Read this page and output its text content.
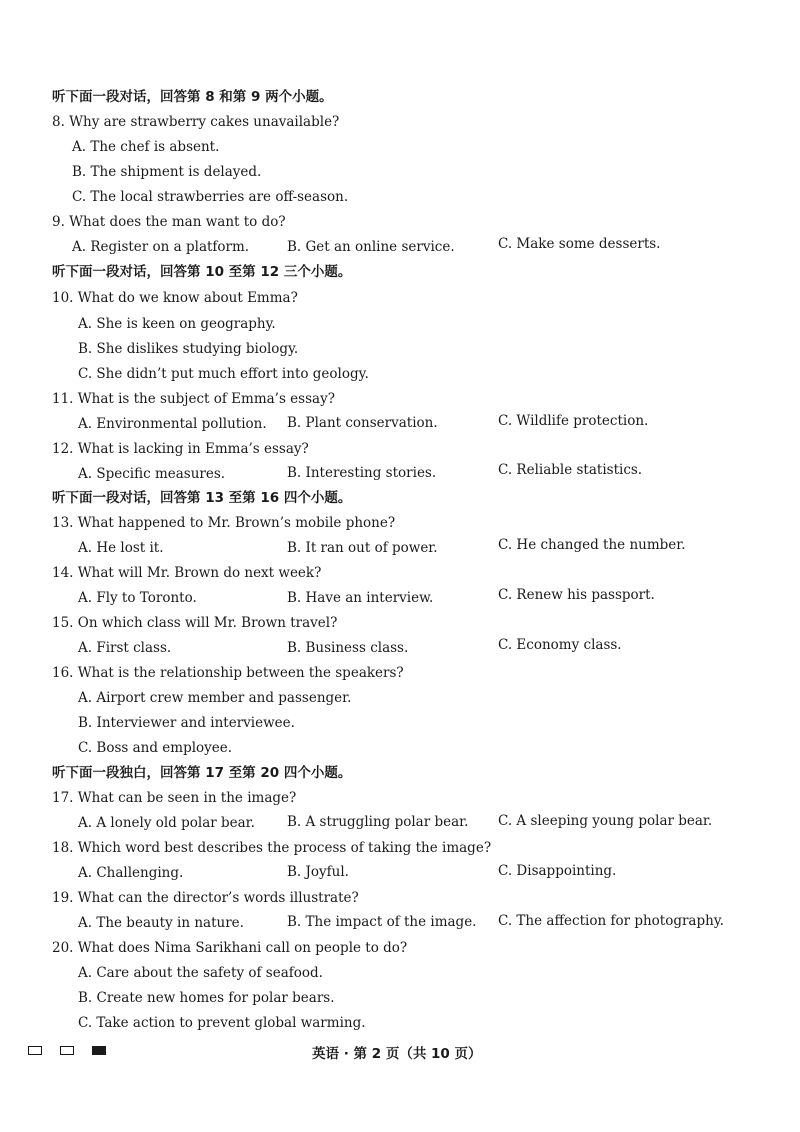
听下面一段对话，回答第 8 和第 9 两个小题。
8. Why are strawberry cakes unavailable?
A. The chef is absent.
B. The shipment is delayed.
C. The local strawberries are off-season.
9. What does the man want to do?
A. Register on a platform.	B. Get an online service.	C. Make some desserts.
听下面一段对话，回答第 10 至第 12 三个小题。
10. What do we know about Emma?
A. She is keen on geography.
B. She dislikes studying biology.
C. She didn’t put much effort into geology.
11. What is the subject of Emma’s essay?
A. Environmental pollution. B. Plant conservation.	C. Wildlife protection.
12. What is lacking in Emma’s essay?
A. Specific measures.	B. Interesting stories.	C. Reliable statistics.
听下面一段对话，回答第 13 至第 16 四个小题。
13. What happened to Mr. Brown’s mobile phone?
A. He lost it.	B. It ran out of power.	C. He changed the number.
14. What will Mr. Brown do next week?
A. Fly to Toronto.	B. Have an interview.	C. Renew his passport.
15. On which class will Mr. Brown travel?
A. First class.	B. Business class.	C. Economy class.
16. What is the relationship between the speakers?
A. Airport crew member and passenger.
B. Interviewer and interviewee.
C. Boss and employee.
听下面一段独白，回答第 17 至第 20 四个小题。
17. What can be seen in the image?
A. A lonely old polar bear. B. A struggling polar bear. C. A sleeping young polar bear.
18. Which word best describes the process of taking the image?
A. Challenging.	B. Joyful.	C. Disappointing.
19. What can the director’s words illustrate?
A. The beauty in nature.	B. The impact of the image. C. The affection for photography.
20. What does Nima Sarikhani call on people to do?
A. Care about the safety of seafood.
B. Create new homes for polar bears.
C. Take action to prevent global warming.
英语 · 第 2 页（共 10 页）
